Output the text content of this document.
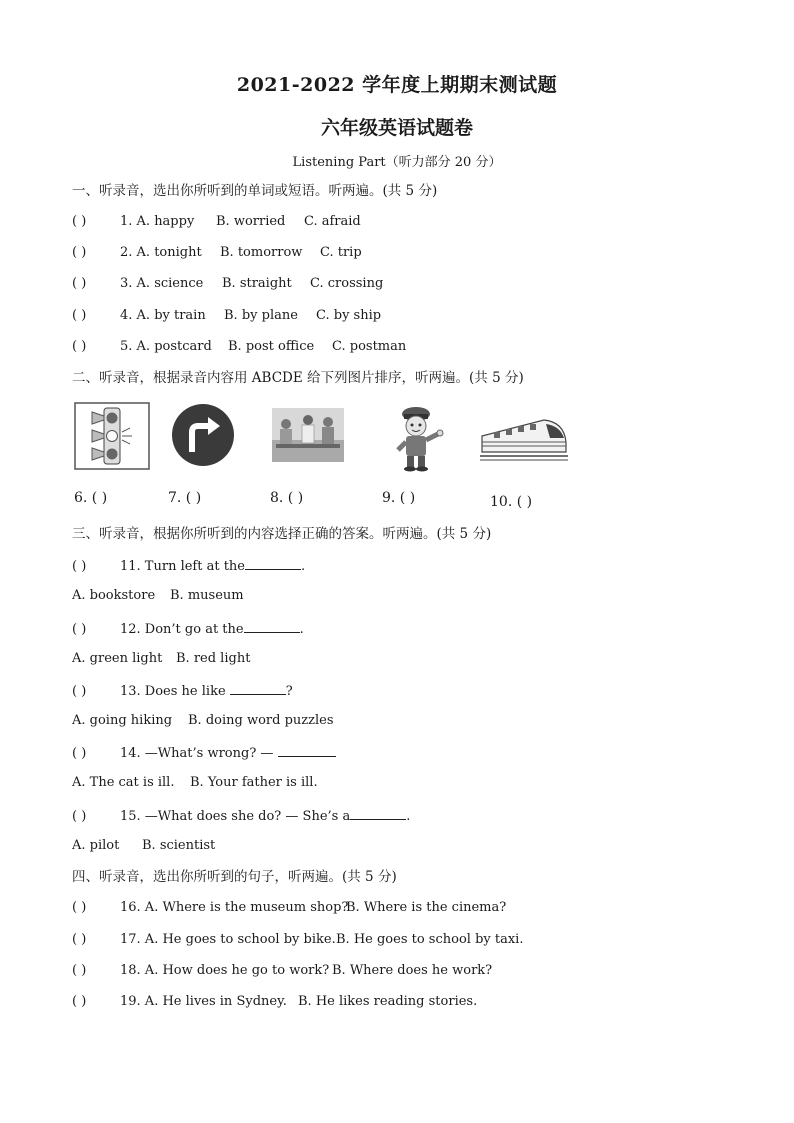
2021-2022 学年度上期期末测试题
六年级英语试题卷
Listening Part（听力部分 20 分）
一、听录音，选出你所听到的单词或短语。听两遍。(共 5 分)
( )	1. A. happy B. worried C. afraid
( )	2. A. tonight B. tomorrow C. trip
( )	3. A. science B. straight C. crossing
( )	4. A. by train B. by plane C. by ship
( )	5. A. postcard B. post office C. postman
二、听录音，根据录音内容用 ABCDE 给下列图片排序，听两遍。(共 5 分)
6. ( )	7. ( )	8. ( )	9. ( )	10. ( )
三、听录音，根据你所听到的内容选择正确的答案。听两遍。(共 5 分)
( )	11. Turn left at the	.
A. bookstore B. museum
( )	12. Don’t go at the	.
A. green light B. red light
( )	13. Does he like	?
A. going hiking B. doing word puzzles
( )	14. —What’s wrong? —
A. The cat is ill. B. Your father is ill.
( )	15. —What does she do? — She’s a	.
A. pilot B. scientist
四、听录音，选出你所听到的句子，听两遍。(共 5 分)
( )	16. A. Where is the museum shop?B. Where is the cinema?
( )	17. A. He goes to school by bike.B. He goes to school by taxi.
( )	18. A. How does he go to work? B. Where does he work?
( )	19. A. He lives in Sydney. B. He likes reading stories.
